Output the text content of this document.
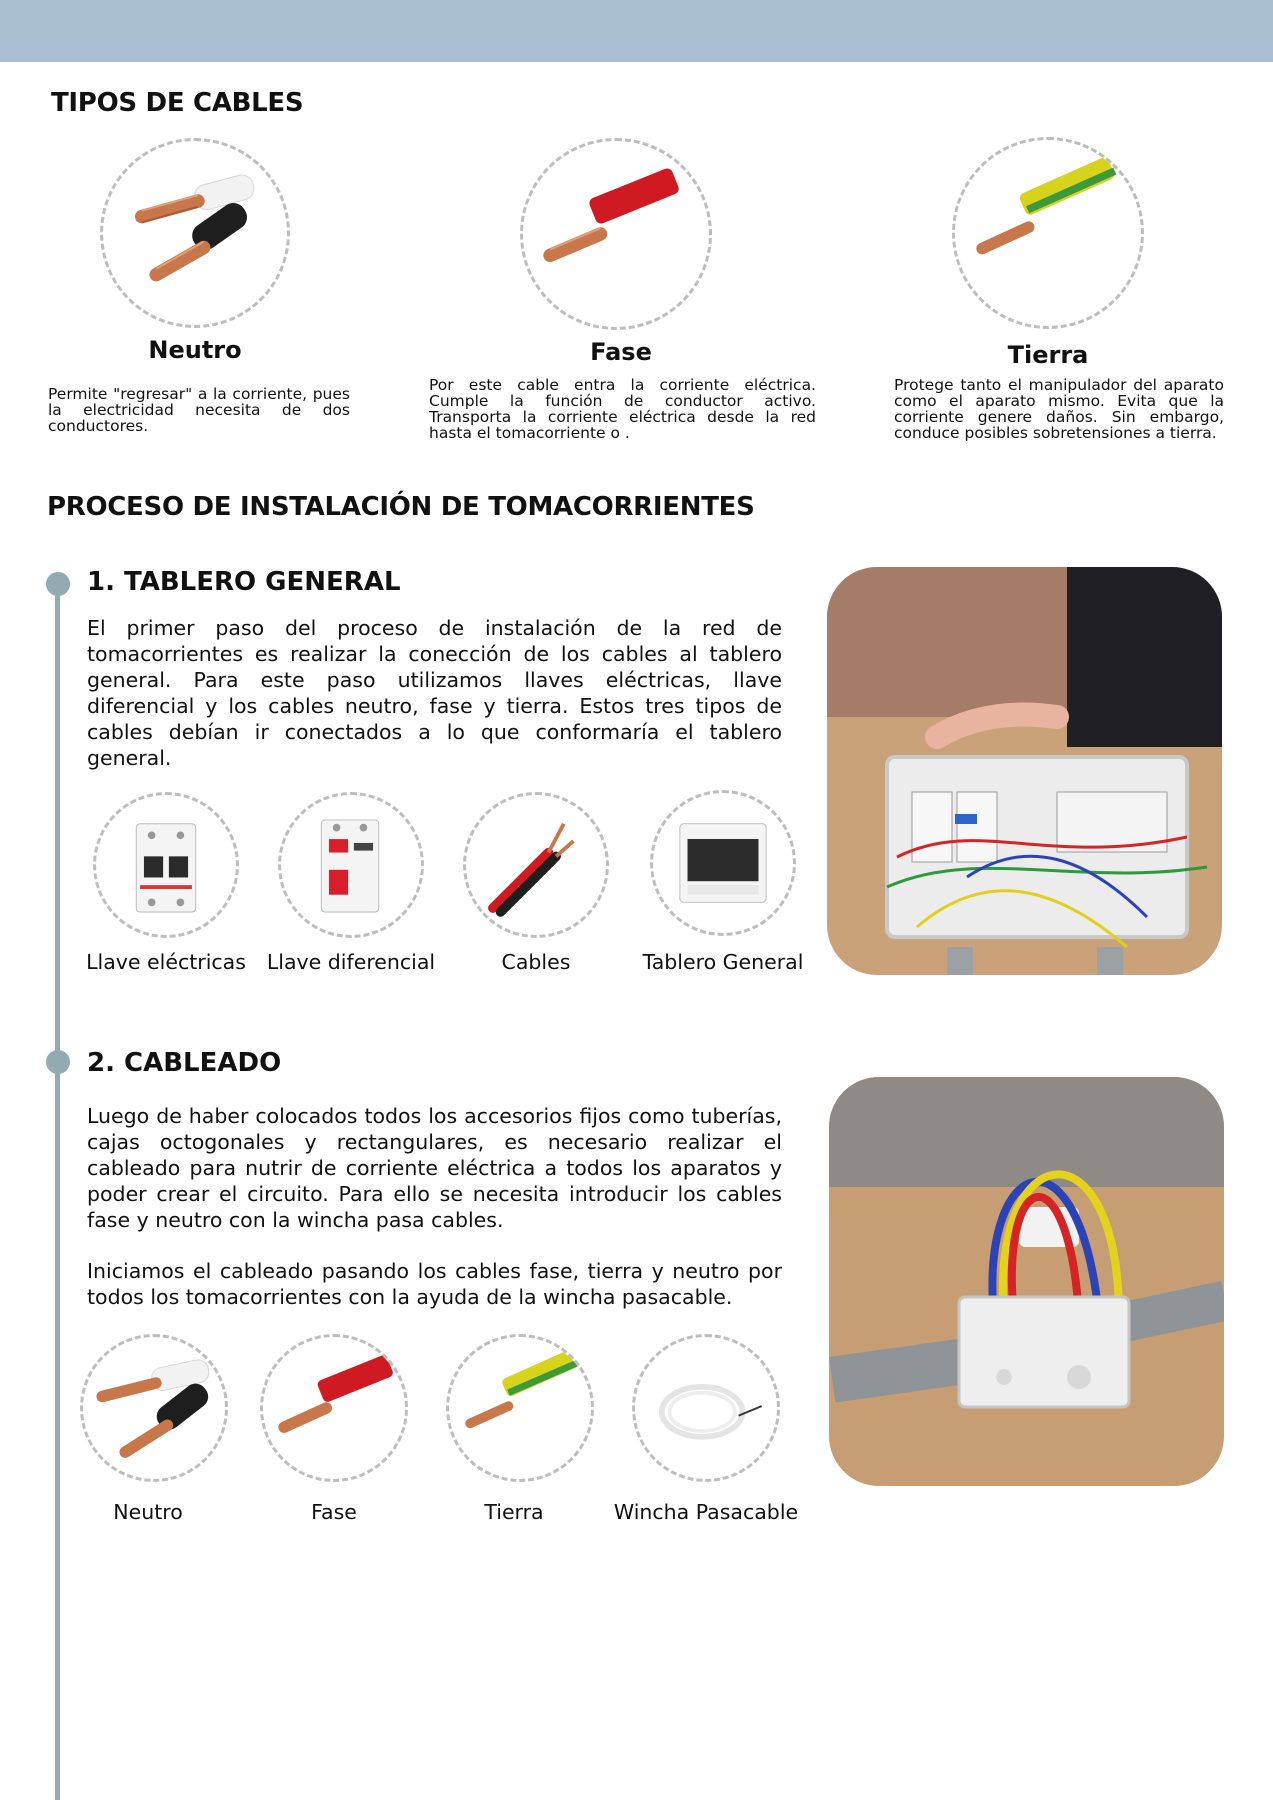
TIPOS DE CABLES
Neutro
Permite "regresar" a la corriente, pues la electricidad necesita de dos conductores.
Fase
Por este cable entra la corriente eléctrica. Cumple la función de conductor activo. Transporta la corriente eléctrica desde la red hasta el tomacorriente o .
Tierra
Protege tanto el manipulador del aparato como el aparato mismo. Evita que la corriente genere daños. Sin embargo, conduce posibles sobretensiones a tierra.
PROCESO DE INSTALACIÓN DE TOMACORRIENTES
1. TABLERO GENERAL

El primer paso del proceso de instalación de la red de tomacorrientes es realizar la conección de los cables al tablero general. Para este paso utilizamos llaves eléctricas, llave diferencial y los cables neutro, fase y tierra. Estos tres tipos de cables debían ir conectados a lo que conformaría el tablero general.

Llave eléctricas Llave diferencial	Cables	Tablero General
2. CABLEADO

Luego de haber colocados todos los accesorios fijos como tuberías, cajas octogonales y rectangulares, es necesario realizar el cableado para nutrir de corriente eléctrica a todos los aparatos y poder crear el circuito. Para ello se necesita introducir los cables fase y neutro con la wincha pasa cables.

Iniciamos el cableado pasando los cables fase, tierra y neutro por todos los tomacorrientes con la ayuda de la wincha pasacable.

Neutro	Fase	Tierra	Wincha Pasacable
